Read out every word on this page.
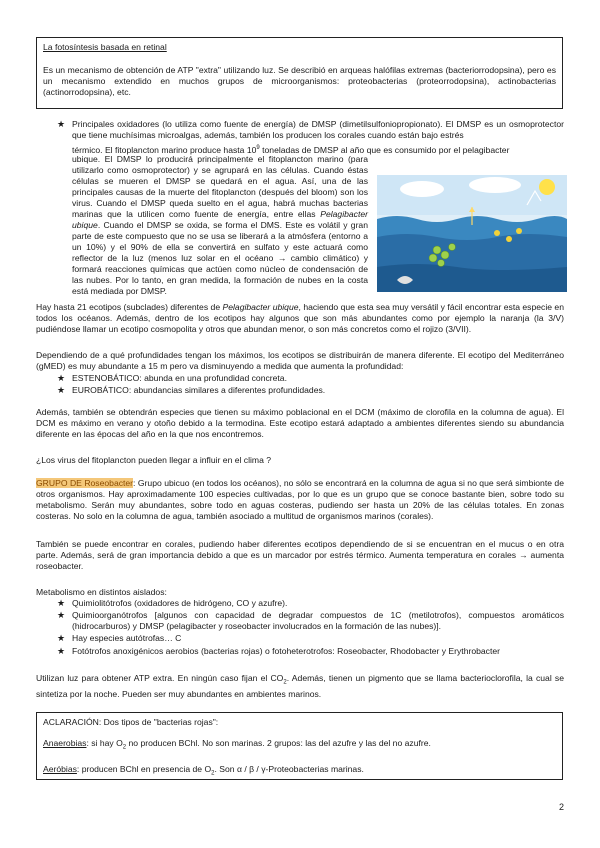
La fotosíntesis basada en retinal

Es un mecanismo de obtención de ATP "extra" utilizando luz. Se describió en arqueas halófilas extremas (bacteriorrodopsina), pero es un mecanismo extendido en muchos grupos de microorganismos: proteobacterias (proteorrodopsina), actinobacterias (actinorrodopsina), etc.

★ Principales oxidadores (lo utiliza como fuente de energía) de DMSP (dimetilsulfoniopropionato). El DMSP es un osmoprotector que tiene muchísimas microalgas, además, también los producen los corales cuando están bajo estrés

térmico. El fitoplancton marino produce hasta $10^9$ toneladas de DMSP al año que es consumido por el pelagibacter

ubique. El DMSP lo producirá principalmente el fitoplancton marino (para utilizarlo como osmoprotector) y se agrupará en las células. Cuando éstas células se mueren el DMSP se quedará en el agua. Así, una de las principales causas de la muerte del fitoplancton (después del bloom) son los virus. Cuando el DMSP queda suelto en el agua, habrá muchas bacterias marinas que la utilicen como fuente de energía, entre ellas Pelagibacter ubique. Cuando el DMSP se oxida, se forma el DMS. Este es volátil y gran parte de este compuesto que no se usa se liberará a la atmósfera (entorno a un 10%) y el 90% de ella se convertirá en sulfato y este actuará como reflector de la luz (menos luz solar en el océano → cambio climático) y formará reacciones químicas que actúen como núcleo de condensación de las nubes. Por lo tanto, en gran medida, la formación de nubes en la costa está mediada por DMSP.

Hay hasta 21 ecotipos (subclades) diferentes de Pelagibacter ubique, haciendo que esta sea muy versátil y fácil encontrar esta especie en todos los océanos. Además, dentro de los ecotipos hay algunos que son más abundantes como por ejemplo la naranja (la 3/V) pudiéndose llamar un ecotipo cosmopolita y otros que abundan menor, o son más concretos como el rojizo (3/VII).

Dependiendo de a qué profundidades tengan los máximos, los ecotipos se distribuirán de manera diferente. El ecotipo del Mediterráneo (gMED) es muy abundante a 15 m pero va disminuyendo a medida que aumenta la profundidad:

★ ESTENOBÁTICO: abunda en una profundidad concreta.

★ EUROBÁTICO: abundancias similares a diferentes profundidades.

Además, también se obtendrán especies que tienen su máximo poblacional en el DCM (máximo de clorofila en la columna de agua). El DCM es máximo en verano y otoño debido a la termodina. Este ecotipo estará adaptado a ambientes diferentes siendo su abundancia diferente en las épocas del año en la que nos encontremos.

¿Los virus del fitoplancton pueden llegar a influir en el clima ?

GRUPO DE Roseobacter: Grupo ubicuo (en todos los océanos), no sólo se encontrará en la columna de agua si no que será simbionte de otros organismos. Hay aproximadamente 100 especies cultivadas, por lo que es un grupo que se conoce bastante bien, sobre todo su metabolismo. Serán muy abundantes, sobre todo en aguas costeras, pudiendo ser hasta un 20% de las células totales. En zonas costeras. No solo en la columna de agua, también asociado a multitud de organismos marinos (corales).

También se puede encontrar en corales, pudiendo haber diferentes ecotipos dependiendo de si se encuentran en el mucus o en otra parte. Además, será de gran importancia debido a que es un marcador por estrés térmico. Aumenta temperatura en corales → aumenta roseobacter.

Metabolismo en distintos aislados:

★ Quimiolitótrofos (oxidadores de hidrógeno, CO y azufre).

★ Quimioorganótrofos [algunos con capacidad de degradar compuestos de 1C (metilotrofos), compuestos aromáticos (hidrocarburos) y DMSP (pelagibacter y roseobacter involucrados en la formación de las nubes)].

★ Hay especies autótrofas… C

★ Fotótrofos anoxigénicos aerobios (bacterias rojas) o fotoheterotrofos: Roseobacter, Rhodobacter y Erythrobacter

Utilizan luz para obtener ATP extra. En ningún caso fijan el $CO_2$. Además, tienen un pigmento que se llama bacterioclorofila, la cual se sintetiza por la noche. Pueden ser muy abundantes en ambientes marinos.

ACLARACIÓN: Dos tipos de "bacterias rojas":

Anaerobias: si hay $O_2$ no producen BChl. No son marinas. 2 grupos: las del azufre y las del no azufre.

Aeróbias: producen BChl en presencia de $O_2$. Son α / β / γ-Proteobacterias marinas.

2
